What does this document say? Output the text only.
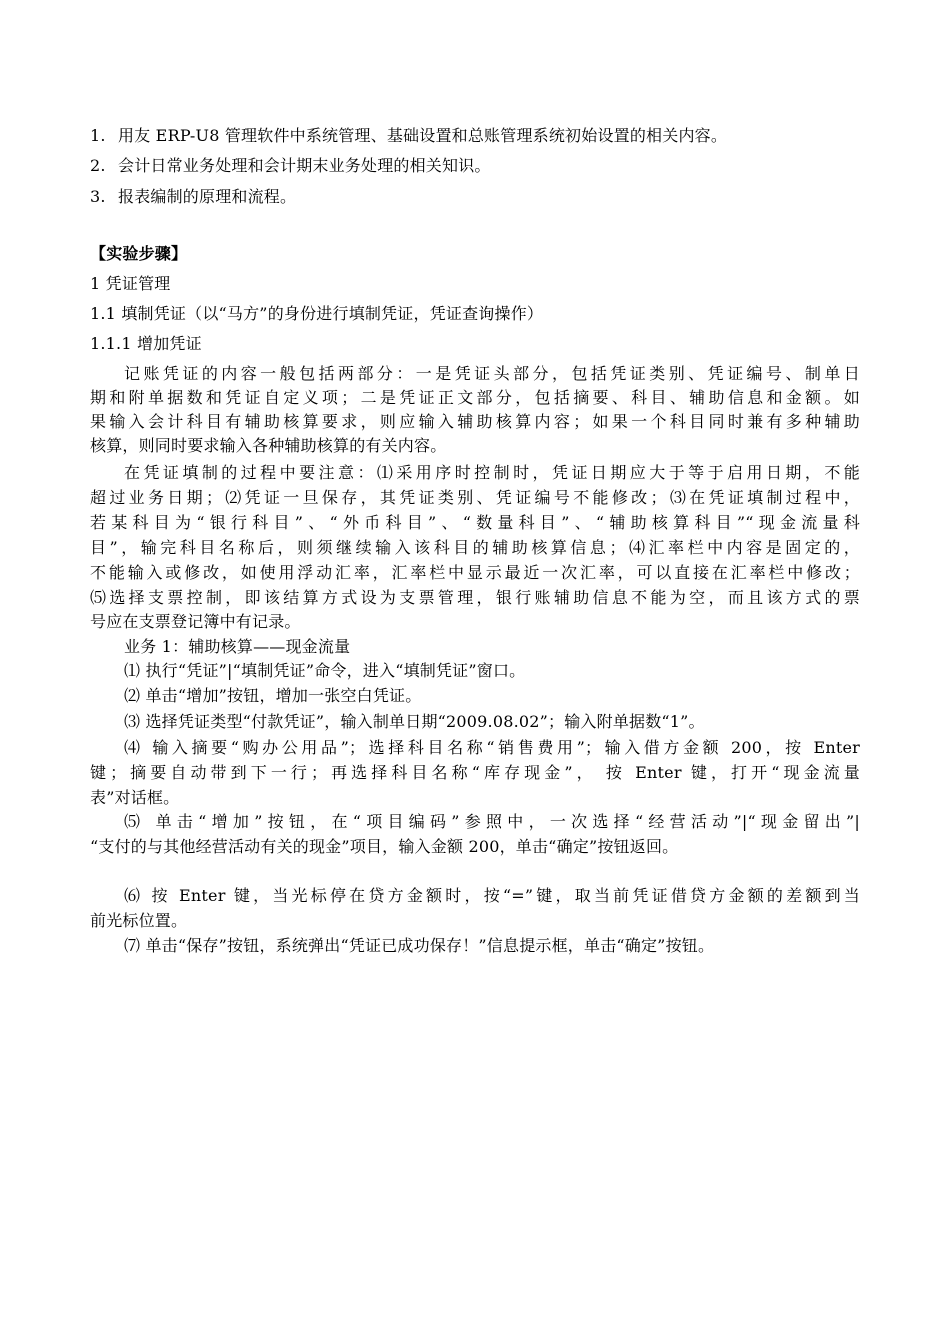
1. 用友 ERP-U8 管理软件中系统管理、基础设置和总账管理系统初始设置的相关内容。
2. 会计日常业务处理和会计期末业务处理的相关知识。
3. 报表编制的原理和流程。
【实验步骤】
1 凭证管理
1.1 填制凭证（以“马方”的身份进行填制凭证，凭证查询操作）
1.1.1 增加凭证
记账凭证的内容一般包括两部分：一是凭证头部分，包括凭证类别、凭证编号、制单日
期和附单据数和凭证自定义项；二是凭证正文部分，包括摘要、科目、辅助信息和金额。如
果输入会计科目有辅助核算要求，则应输入辅助核算内容；如果一个科目同时兼有多种辅助
核算，则同时要求输入各种辅助核算的有关内容。
在凭证填制的过程中要注意：⑴采用序时控制时，凭证日期应大于等于启用日期，不能
超过业务日期；⑵凭证一旦保存，其凭证类别、凭证编号不能修改；⑶在凭证填制过程中，
若某科目为“银行科目”、“外币科目”、“数量科目”、“辅助核算科目”“现金流量科
目”，输完科目名称后，则须继续输入该科目的辅助核算信息；⑷汇率栏中内容是固定的，
不能输入或修改，如使用浮动汇率，汇率栏中显示最近一次汇率，可以直接在汇率栏中修改；
⑸选择支票控制，即该结算方式设为支票管理，银行账辅助信息不能为空，而且该方式的票
号应在支票登记簿中有记录。
业务 1：辅助核算——现金流量
⑴ 执行“凭证”|“填制凭证”命令，进入“填制凭证”窗口。
⑵ 单击“增加”按钮，增加一张空白凭证。
⑶ 选择凭证类型“付款凭证”，输入制单日期“2009.08.02”；输入附单据数“1”。
⑷ 输入摘要“购办公用品”；选择科目名称“销售费用”；输入借方金额 200，按 Enter
键；摘要自动带到下一行；再选择科目名称“库存现金”， 按 Enter 键，打开“现金流量
表”对话框。
⑸ 单击“增加”按钮，在“项目编码”参照中，一次选择“经营活动”|“现金留出”|
“支付的与其他经营活动有关的现金”项目，输入金额 200，单击“确定”按钮返回。
⑹ 按 Enter 键，当光标停在贷方金额时，按“=”键，取当前凭证借贷方金额的差额到当
前光标位置。
⑺ 单击“保存”按钮，系统弹出“凭证已成功保存！”信息提示框，单击“确定”按钮。
